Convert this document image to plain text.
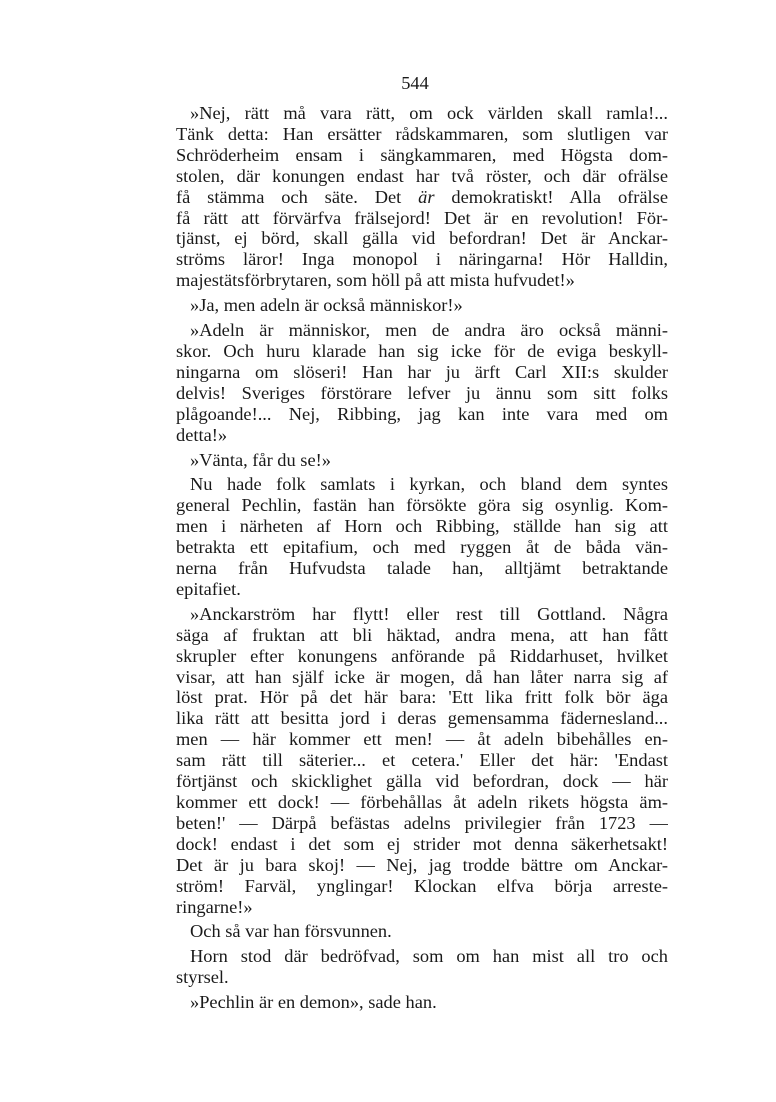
544
»Nej, rätt må vara rätt, om ock världen skall ramla!...
Tänk detta: Han ersätter rådskammaren, som slutligen var
Schröderheim ensam i sängkammaren, med Högsta dom-
stolen, där konungen endast har två röster, och där ofrälse
få stämma och säte. Det är demokratiskt! Alla ofrälse
få rätt att förvärfva frälsejord! Det är en revolution! För-
tjänst, ej börd, skall gälla vid befordran! Det är Anckar-
ströms läror! Inga monopol i näringarna! Hör Halldin,
majestätsförbrytaren, som höll på att mista hufvudet!»
»Ja, men adeln är också människor!»
»Adeln är människor, men de andra äro också männi-
skor. Och huru klarade han sig icke för de eviga beskyll-
ningarna om slöseri! Han har ju ärft Carl XII:s skulder
delvis! Sveriges förstörare lefver ju ännu som sitt folks
plågoande!... Nej, Ribbing, jag kan inte vara med om
detta!»
»Vänta, får du se!»
Nu hade folk samlats i kyrkan, och bland dem syntes
general Pechlin, fastän han försökte göra sig osynlig. Kom-
men i närheten af Horn och Ribbing, ställde han sig att
betrakta ett epitafium, och med ryggen åt de båda vän-
nerna från Hufvudsta talade han, alltjämt betraktande
epitafiet.
»Anckarström har flytt! eller rest till Gottland. Några
säga af fruktan att bli häktad, andra mena, att han fått
skrupler efter konungens anförande på Riddarhuset, hvilket
visar, att han själf icke är mogen, då han låter narra sig af
löst prat. Hör på det här bara: 'Ett lika fritt folk bör äga
lika rätt att besitta jord i deras gemensamma fädernesland...
men — här kommer ett men! — åt adeln bibehålles en-
sam rätt till säterier... et cetera.' Eller det här: 'Endast
förtjänst och skicklighet gälla vid befordran, dock — här
kommer ett dock! — förbehållas åt adeln rikets högsta äm-
beten!' — Därpå befästas adelns privilegier från 1723 —
dock! endast i det som ej strider mot denna säkerhetsakt!
Det är ju bara skoj! — Nej, jag trodde bättre om Anckar-
ström! Farväl, ynglingar! Klockan elfva börja arreste-
ringarne!»
Och så var han försvunnen.
Horn stod där bedröfvad, som om han mist all tro och
styrsel.
»Pechlin är en demon», sade han.
